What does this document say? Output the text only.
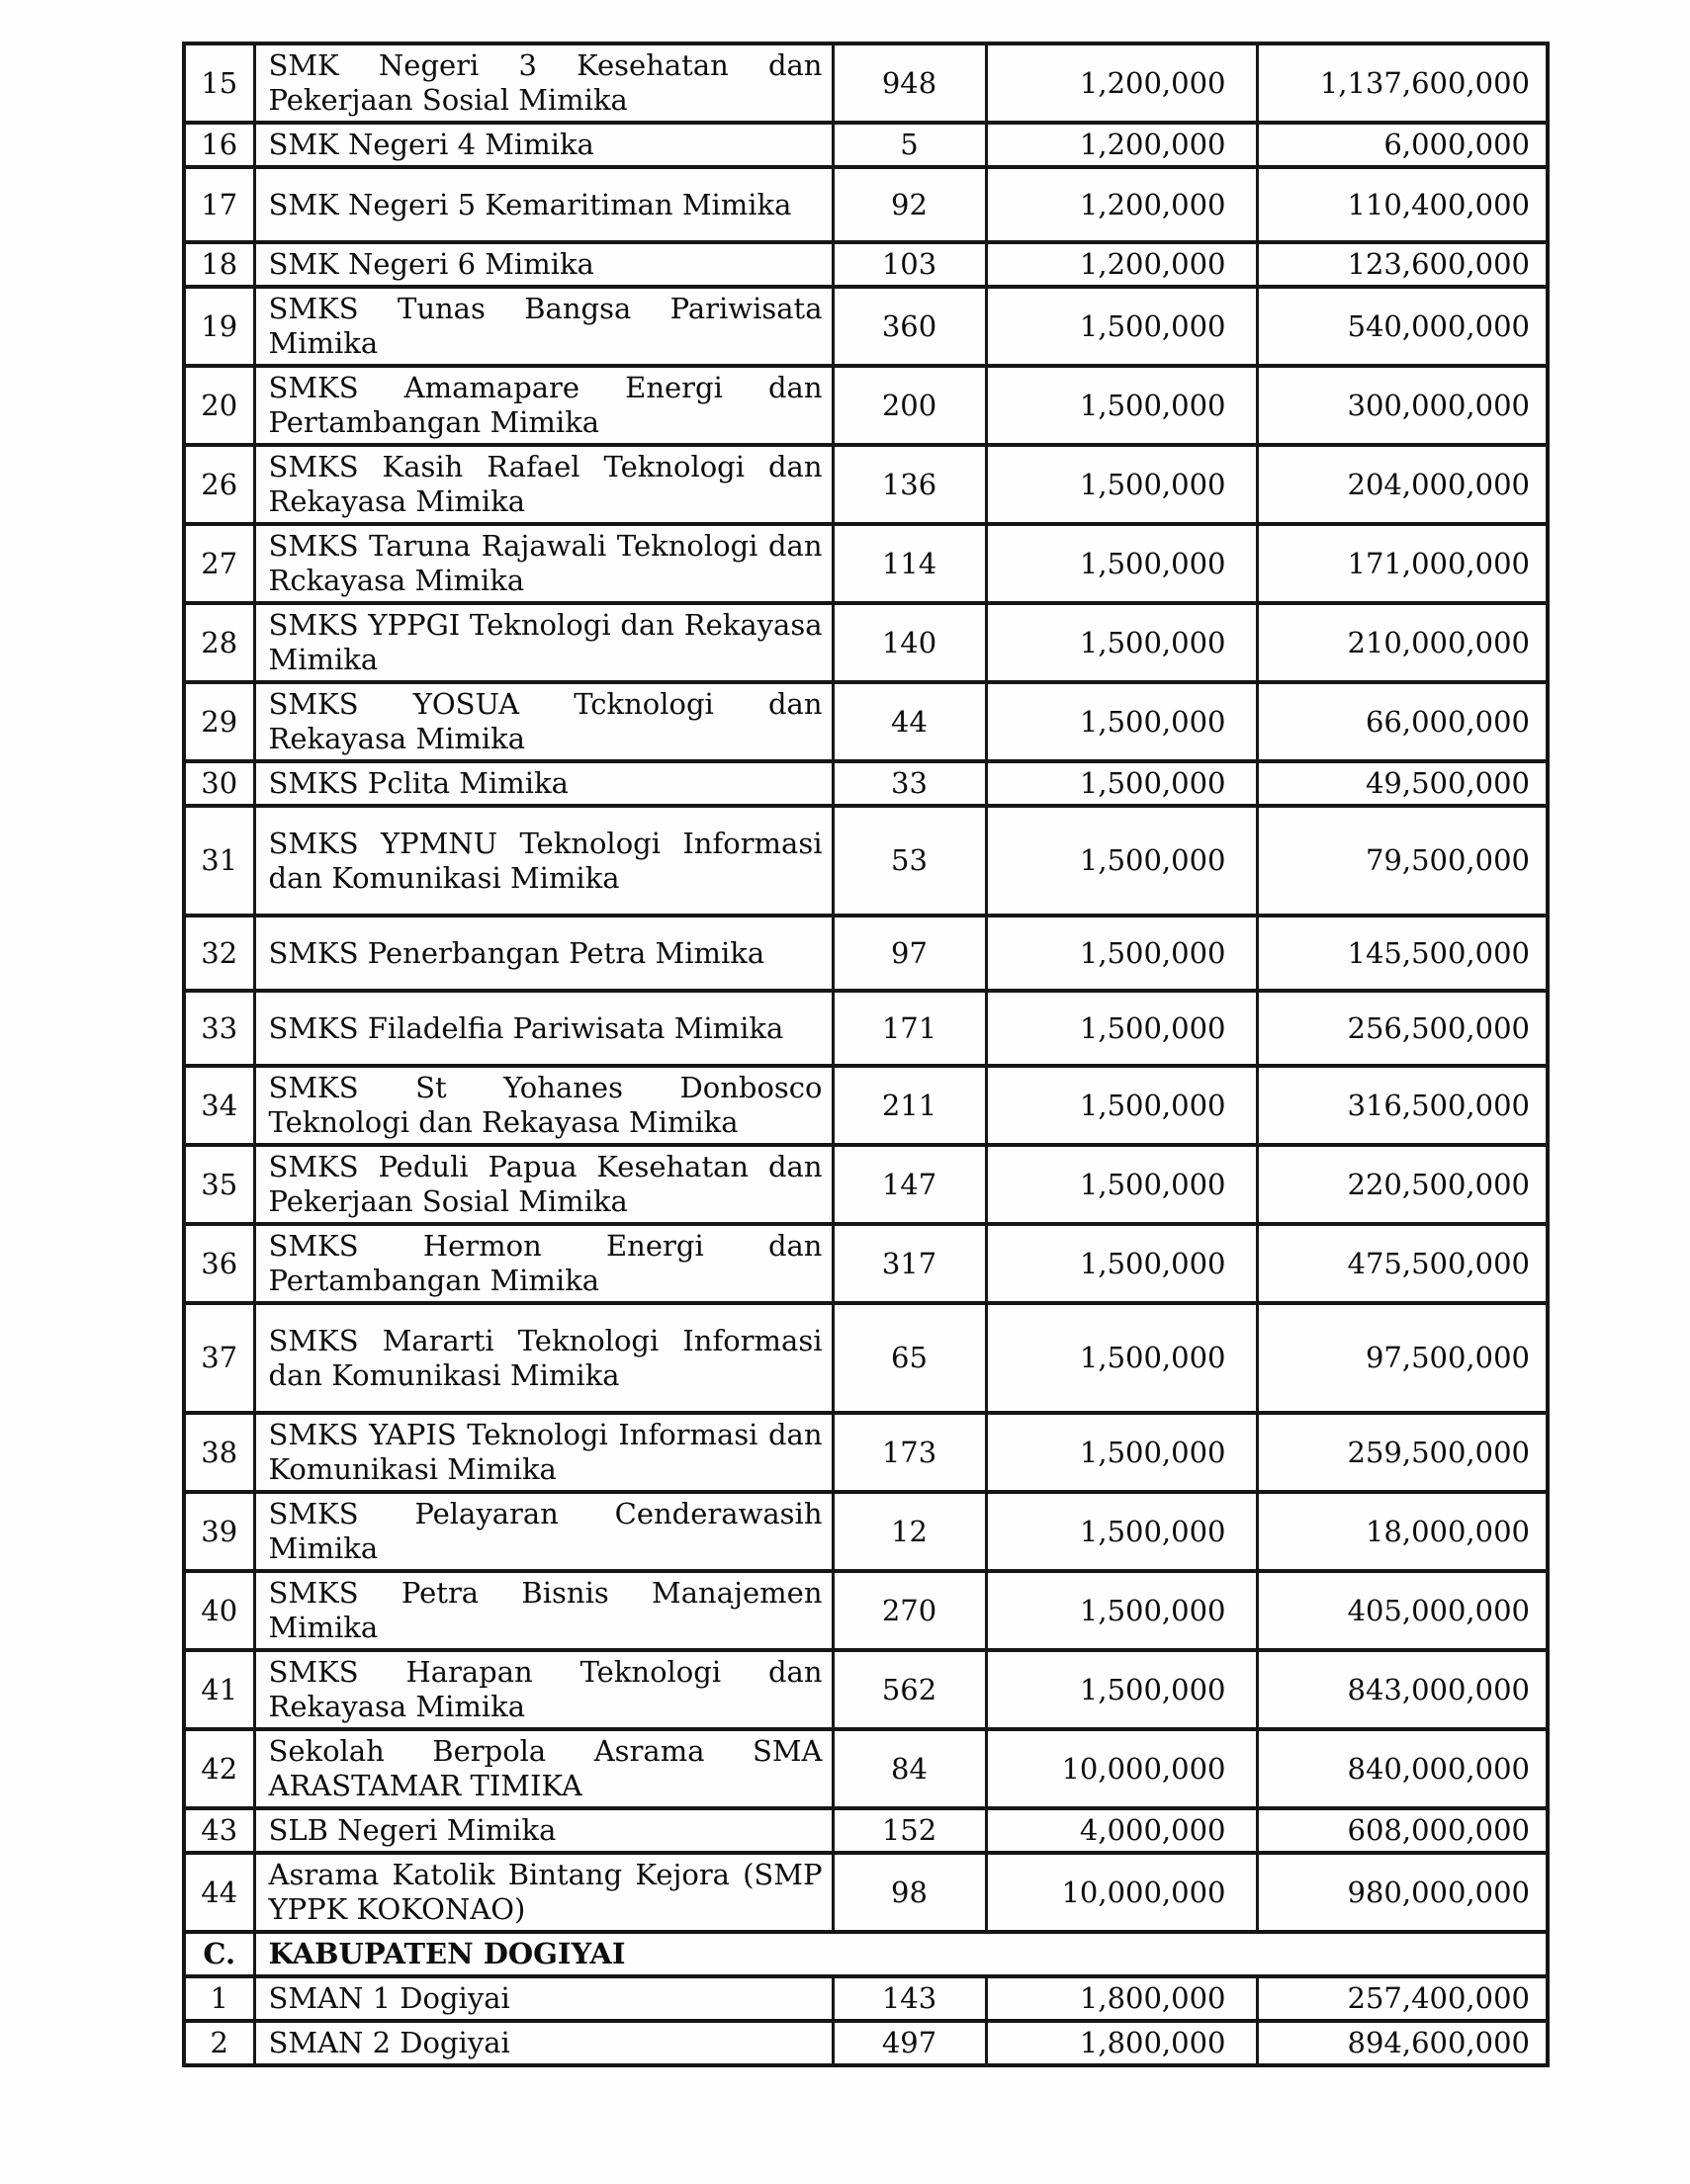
15	SMK Negeri 3 Kesehatan dan Pekerjaan Sosial Mimika	948	1,200,000	1,137,600,000
16	SMK Negeri 4 Mimika	5	1,200,000	6,000,000
17	SMK Negeri 5 Kemaritiman Mimika	92	1,200,000	110,400,000
18	SMK Negeri 6 Mimika	103	1,200,000	123,600,000
19	SMKS Tunas Bangsa Pariwisata Mimika	360	1,500,000	540,000,000
20	SMKS Amamapare Energi dan Pertambangan Mimika	200	1,500,000	300,000,000
26	SMKS Kasih Rafael Teknologi dan Rekayasa Mimika	136	1,500,000	204,000,000
27	SMKS Taruna Rajawali Teknologi dan Rckayasa Mimika	114	1,500,000	171,000,000
28	SMKS YPPGI Teknologi dan Rekayasa Mimika	140	1,500,000	210,000,000
29	SMKS YOSUA Tcknologi dan Rekayasa Mimika	44	1,500,000	66,000,000
30	SMKS Pclita Mimika	33	1,500,000	49,500,000
31	SMKS YPMNU Teknologi Informasi dan Komunikasi Mimika	53	1,500,000	79,500,000
32	SMKS Penerbangan Petra Mimika	97	1,500,000	145,500,000
33	SMKS Filadelfia Pariwisata Mimika	171	1,500,000	256,500,000
34	SMKS St Yohanes Donbosco Teknologi dan Rekayasa Mimika	211	1,500,000	316,500,000
35	SMKS Peduli Papua Kesehatan dan Pekerjaan Sosial Mimika	147	1,500,000	220,500,000
36	SMKS Hermon Energi dan Pertambangan Mimika	317	1,500,000	475,500,000
37	SMKS Mararti Teknologi Informasi dan Komunikasi Mimika	65	1,500,000	97,500,000
38	SMKS YAPIS Teknologi Informasi dan Komunikasi Mimika	173	1,500,000	259,500,000
39	SMKS Pelayaran Cenderawasih Mimika	12	1,500,000	18,000,000
40	SMKS Petra Bisnis Manajemen Mimika	270	1,500,000	405,000,000
41	SMKS Harapan Teknologi dan Rekayasa Mimika	562	1,500,000	843,000,000
42	Sekolah Berpola Asrama SMA ARASTAMAR TIMIKA	84	10,000,000	840,000,000
43	SLB Negeri Mimika	152	4,000,000	608,000,000
44	Asrama Katolik Bintang Kejora (SMP YPPK KOKONAO)	98	10,000,000	980,000,000
C.	KABUPATEN DOGIYAI			
1	SMAN 1 Dogiyai	143	1,800,000	257,400,000
2	SMAN 2 Dogiyai	497	1,800,000	894,600,000
